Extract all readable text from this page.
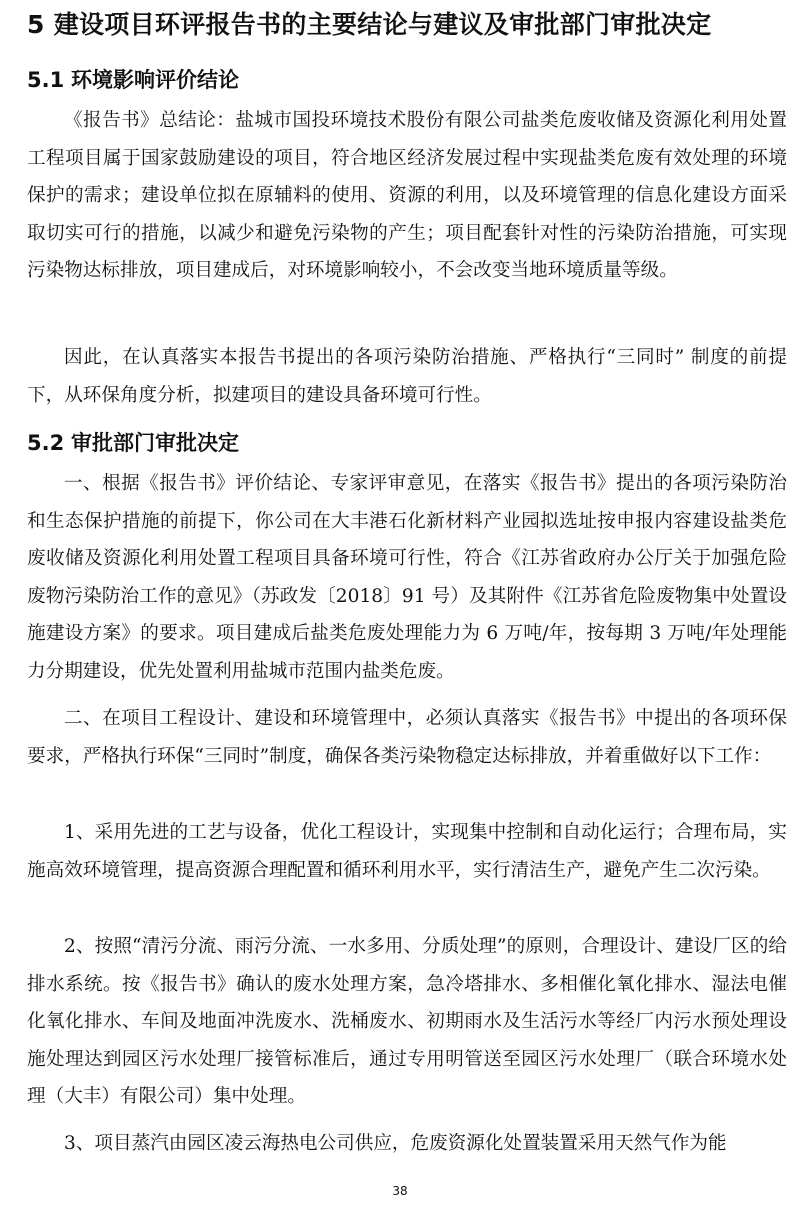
5 建设项目环评报告书的主要结论与建议及审批部门审批决定
5.1 环境影响评价结论

《报告书》总结论：盐城市国投环境技术股份有限公司盐类危废收储及资源化利用处置工程项目属于国家鼓励建设的项目，符合地区经济发展过程中实现盐类危废有效处理的环境保护的需求；建设单位拟在原辅料的使用、资源的利用，以及环境管理的信息化建设方面采取切实可行的措施，以减少和避免污染物的产生；项目配套针对性的污染防治措施，可实现污染物达标排放，项目建成后，对环境影响较小，不会改变当地环境质量等级。

因此，在认真落实本报告书提出的各项污染防治措施、严格执行“三同时” 制度的前提下，从环保角度分析，拟建项目的建设具备环境可行性。

5.2 审批部门审批决定

一、根据《报告书》评价结论、专家评审意见，在落实《报告书》提出的各项污染防治和生态保护措施的前提下，你公司在大丰港石化新材料产业园拟选址按申报内容建设盐类危废收储及资源化利用处置工程项目具备环境可行性，符合《江苏省政府办公厅关于加强危险废物污染防治工作的意见》（苏政发〔2018〕91 号）及其附件《江苏省危险废物集中处置设施建设方案》的要求。项目建成后盐类危废处理能力为 6 万吨/年，按每期 3 万吨/年处理能力分期建设，优先处置利用盐城市范围内盐类危废。

二、在项目工程设计、建设和环境管理中，必须认真落实《报告书》中提出的各项环保要求，严格执行环保“三同时”制度，确保各类污染物稳定达标排放，并着重做好以下工作：

1、采用先进的工艺与设备，优化工程设计，实现集中控制和自动化运行；合理布局，实施高效环境管理，提高资源合理配置和循环利用水平，实行清洁生产，避免产生二次污染。

2、按照“清污分流、雨污分流、一水多用、分质处理”的原则，合理设计、建设厂区的给排水系统。按《报告书》确认的废水处理方案，急冷塔排水、多相催化氧化排水、湿法电催化氧化排水、车间及地面冲洗废水、洗桶废水、初期雨水及生活污水等经厂内污水预处理设施处理达到园区污水处理厂接管标准后，通过专用明管送至园区污水处理厂（联合环境水处理（大丰）有限公司）集中处理。

3、项目蒸汽由园区凌云海热电公司供应，危废资源化处置装置采用天然气作为能

38
